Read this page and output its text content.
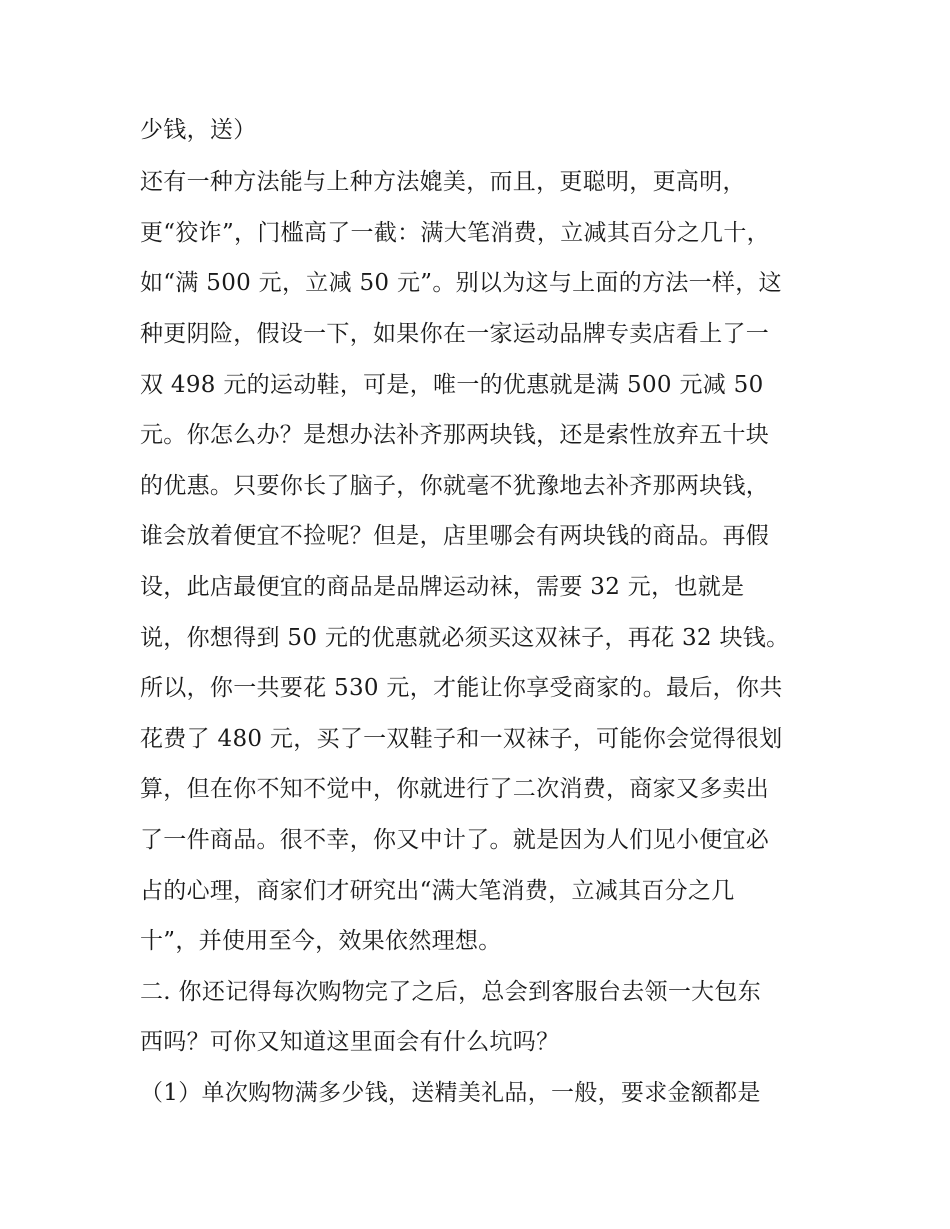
少钱，送）
还有一种方法能与上种方法媲美，而且，更聪明，更高明，
更“狡诈”，门槛高了一截：满大笔消费，立减其百分之几十，
如“满 500 元，立减 50 元”。别以为这与上面的方法一样，这
种更阴险，假设一下，如果你在一家运动品牌专卖店看上了一
双 498 元的运动鞋，可是，唯一的优惠就是满 500 元减 50
元。你怎么办？是想办法补齐那两块钱，还是索性放弃五十块
的优惠。只要你长了脑子，你就毫不犹豫地去补齐那两块钱，
谁会放着便宜不捡呢？但是，店里哪会有两块钱的商品。再假
设，此店最便宜的商品是品牌运动袜，需要 32 元，也就是
说，你想得到 50 元的优惠就必须买这双袜子，再花 32 块钱。
所以，你一共要花 530 元，才能让你享受商家的。最后，你共
花费了 480 元，买了一双鞋子和一双袜子，可能你会觉得很划
算，但在你不知不觉中，你就进行了二次消费，商家又多卖出
了一件商品。很不幸，你又中计了。就是因为人们见小便宜必
占的心理，商家们才研究出“满大笔消费，立减其百分之几
十”，并使用至今，效果依然理想。
二. 你还记得每次购物完了之后，总会到客服台去领一大包东
西吗？可你又知道这里面会有什么坑吗？
（1）单次购物满多少钱，送精美礼品，一般，要求金额都是
